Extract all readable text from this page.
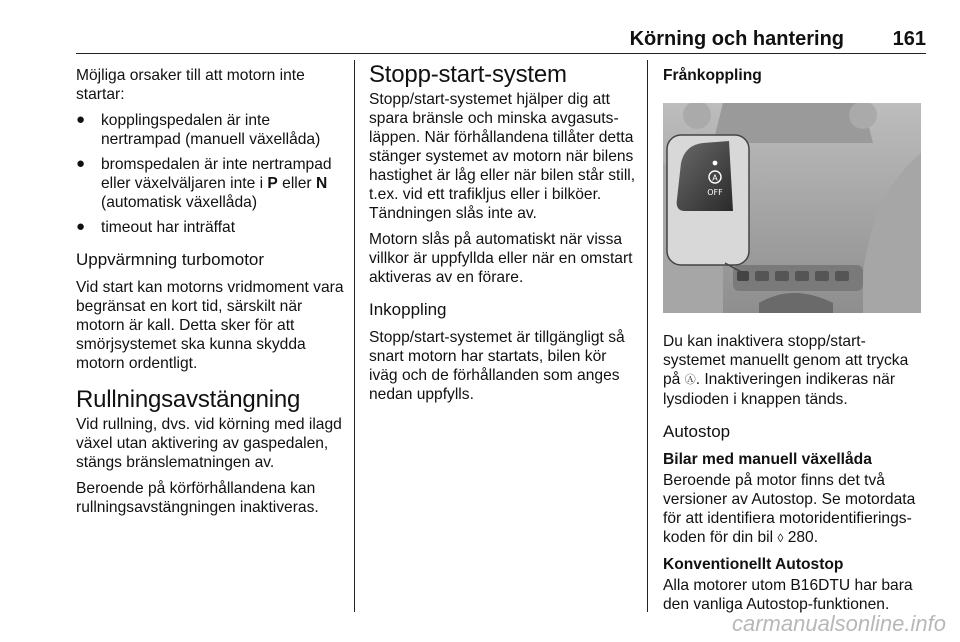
Körning och hantering 161

Möjliga orsaker till att motorn inte startar:

● kopplingspedalen är inte nertrampad (manuell växellåda)
● bromspedalen är inte nertrampad eller växelväljaren inte i P eller N (automatisk växellåda)
● timeout har inträffat
Uppvärmning turbomotor

Vid start kan motorns vridmoment vara begränsat en kort tid, särskilt när motorn är kall. Detta sker för att smörjsystemet ska kunna skydda motorn ordentligt.

Rullningsavstängning

Vid rullning, dvs. vid körning med ilagd växel utan aktivering av gaspedalen, stängs bränslematningen av.

Beroende på körförhållandena kan rullningsavstängningen inaktiveras.

Stopp-start-system

Stopp/start-systemet hjälper dig att spara bränsle och minska avgasutsläppen. När förhållandena tillåter detta stänger systemet av motorn när bilens hastighet är låg eller när bilen står still, t.ex. vid ett trafikljus eller i bilköer. Tändningen slås inte av.

Motorn slås på automatiskt när vissa villkor är uppfyllda eller när en omstart aktiveras av en förare.

Inkoppling

Stopp/start-systemet är tillgängligt så snart motorn har startats, bilen kör iväg och de förhållanden som anges nedan uppfylls.

Frånkoppling
A
OFF

Du kan inaktivera stopp/start-systemet manuellt genom att trycka på Ⓐ. Inaktiveringen indikeras när lysdioden i knappen tänds.

Autostop
Bilar med manuell växellåda

Beroende på motor finns det två versioner av Autostop. Se motordata för att identifiera motoridentifieringskoden för din bil ◊ 280.

Konventionellt Autostop

Alla motorer utom B16DTU har bara den vanliga Autostop-funktionen.

carmanualsonline.info
